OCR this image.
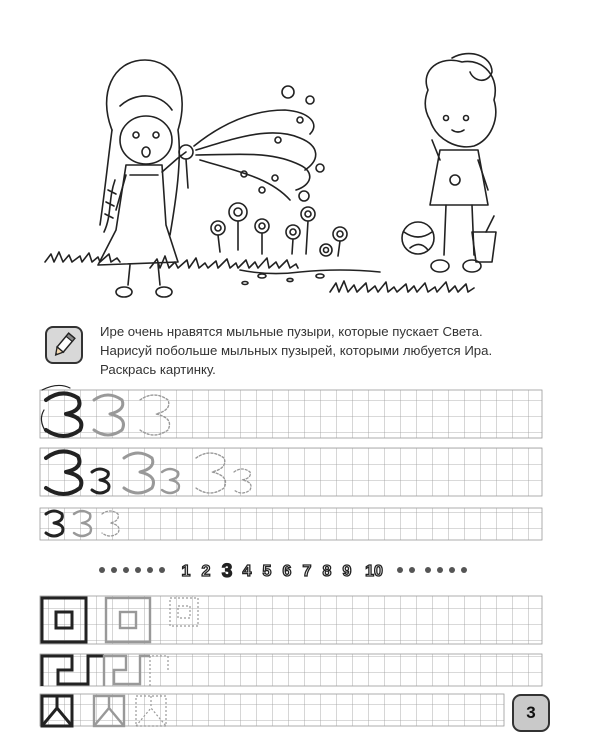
Ире очень нравятся мыльные пузыри, которые пускает Света.
Нарисуй побольше мыльных пузырей, которыми любуется Ира.
Раскрась картинку.
1 2 3 4 5 6 7 8 9 10
3
